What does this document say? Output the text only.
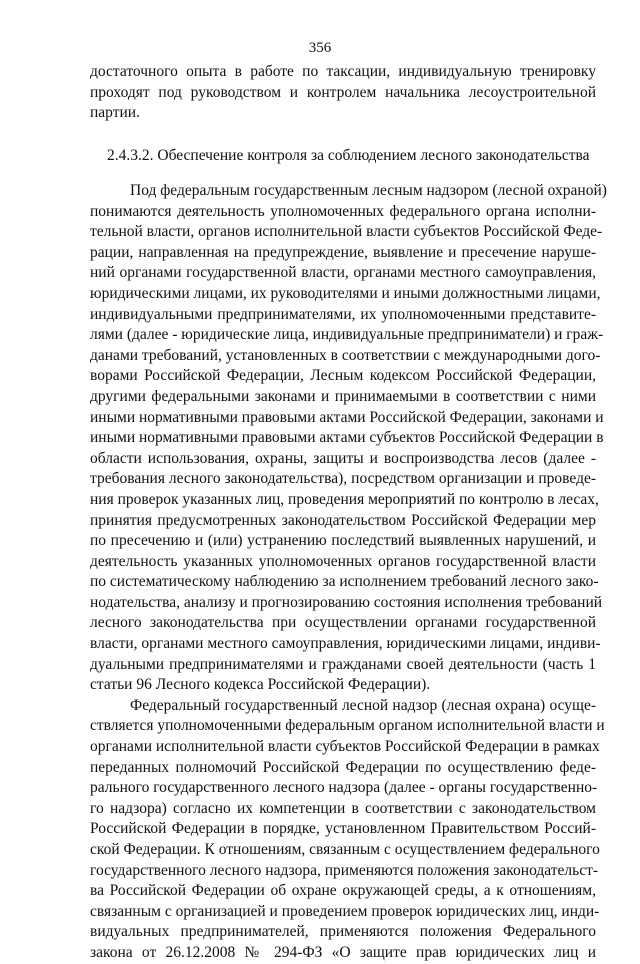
356
достаточного опыта в работе по таксации, индивидуальную тренировку
проходят под руководством и контролем начальника лесоустроительной
партии.
2.4.3.2. Обеспечение контроля за соблюдением лесного законодательства
Под федеральным государственным лесным надзором (лесной охраной)
понимаются деятельность уполномоченных федерального органа исполни-
тельной власти, органов исполнительной власти субъектов Российской Феде-
рации, направленная на предупреждение, выявление и пресечение наруше-
ний органами государственной власти, органами местного самоуправления,
юридическими лицами, их руководителями и иными должностными лицами,
индивидуальными предпринимателями, их уполномоченными представите-
лями (далее - юридические лица, индивидуальные предприниматели) и граж-
данами требований, установленных в соответствии с международными дого-
ворами Российской Федерации, Лесным кодексом Российской Федерации,
другими федеральными законами и принимаемыми в соответствии с ними
иными нормативными правовыми актами Российской Федерации, законами и
иными нормативными правовыми актами субъектов Российской Федерации в
области использования, охраны, защиты и воспроизводства лесов (далее -
требования лесного законодательства), посредством организации и проведе-
ния проверок указанных лиц, проведения мероприятий по контролю в лесах,
принятия предусмотренных законодательством Российской Федерации мер
по пресечению и (или) устранению последствий выявленных нарушений, и
деятельность указанных уполномоченных органов государственной власти
по систематическому наблюдению за исполнением требований лесного зако-
нодательства, анализу и прогнозированию состояния исполнения требований
лесного законодательства при осуществлении органами государственной
власти, органами местного самоуправления, юридическими лицами, индиви-
дуальными предпринимателями и гражданами своей деятельности (часть 1
статьи 96 Лесного кодекса Российской Федерации).
Федеральный государственный лесной надзор (лесная охрана) осуще-
ствляется уполномоченными федеральным органом исполнительной власти и
органами исполнительной власти субъектов Российской Федерации в рамках
переданных полномочий Российской Федерации по осуществлению феде-
рального государственного лесного надзора (далее - органы государственно-
го надзора) согласно их компетенции в соответствии с законодательством
Российской Федерации в порядке, установленном Правительством Россий-
ской Федерации. К отношениям, связанным с осуществлением федерального
государственного лесного надзора, применяются положения законодательст-
ва Российской Федерации об охране окружающей среды, а к отношениям,
связанным с организацией и проведением проверок юридических лиц, инди-
видуальных предпринимателей, применяются положения Федерального
закона от 26.12.2008 № 294-ФЗ «О защите прав юридических лиц и
